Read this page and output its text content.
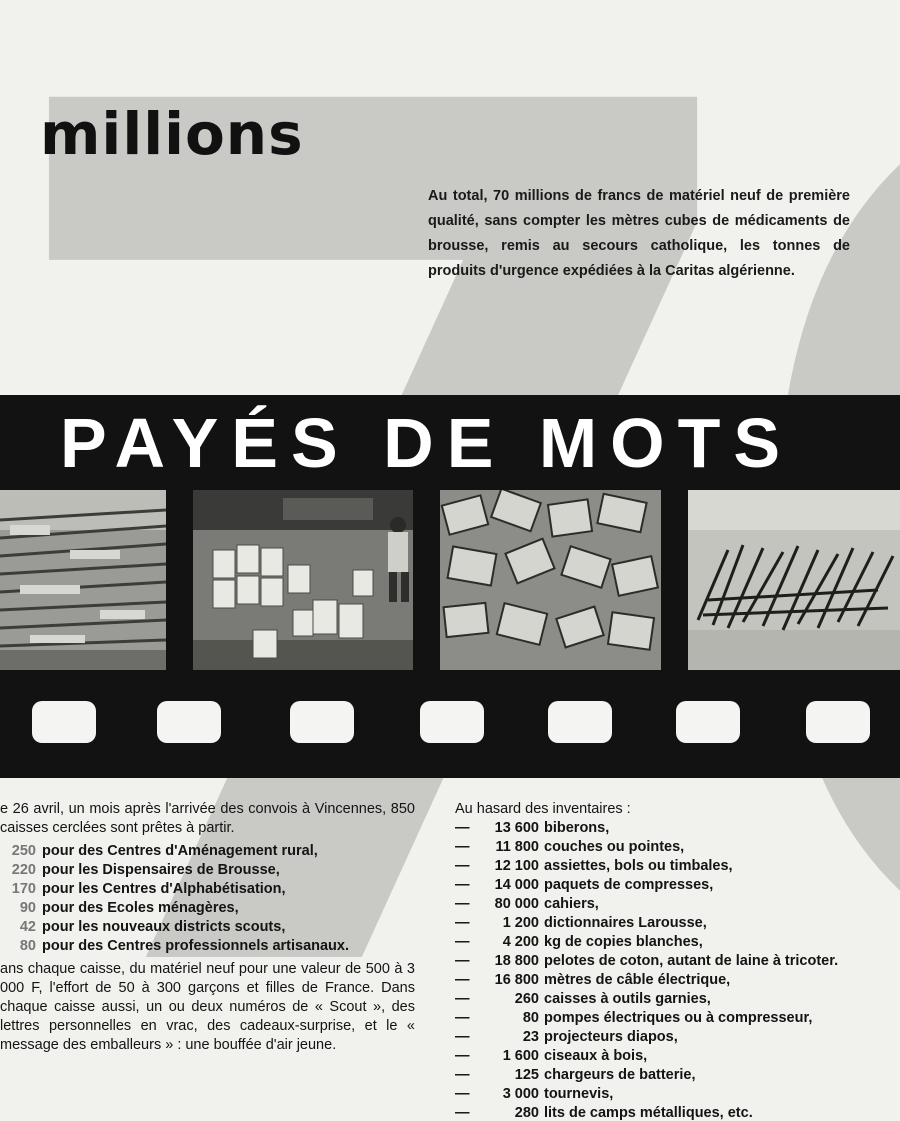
millions

Au total, 70 millions de francs de matériel neuf de première qualité, sans compter les mètres cubes de médicaments de brousse, remis au secours catholique, les tonnes de produits d'urgence expédiées à la Caritas algérienne.

PAYÉS DE MOTS

e 26 avril, un mois après l'arrivée des convois à Vincennes, 850 caisses cerclées sont prêtes à partir.

250 pour des Centres d'Aménagement rural,
220 pour les Dispensaires de Brousse,
170 pour les Centres d'Alphabétisation,
90 pour des Ecoles ménagères,
42 pour les nouveaux districts scouts,
80 pour des Centres professionnels artisanaux.

ans chaque caisse, du matériel neuf pour une valeur de 500 à 3 000 F, l'effort de 50 à 300 garçons et filles de France. Dans chaque caisse aussi, un ou deux numéros de « Scout », des lettres personnelles en vrac, des cadeaux-surprise, et le « message des emballeurs » : une bouffée d'air jeune.

Au hasard des inventaires :

— 13 600 biberons,
— 11 800 couches ou pointes,
— 12 100 assiettes, bols ou timbales,
— 14 000 paquets de compresses,
— 80 000 cahiers,
— 1 200 dictionnaires Larousse,
— 4 200 kg de copies blanches,
— 18 800 pelotes de coton, autant de laine à tricoter.
— 16 800 mètres de câble électrique,
—	260 caisses à outils garnies,
—	80 pompes électriques ou à compresseur,
—	23 projecteurs diapos,
— 1 600 ciseaux à bois,
—	125 chargeurs de batterie,
— 3 000 tournevis,
—	280 lits de camps métalliques, etc.
